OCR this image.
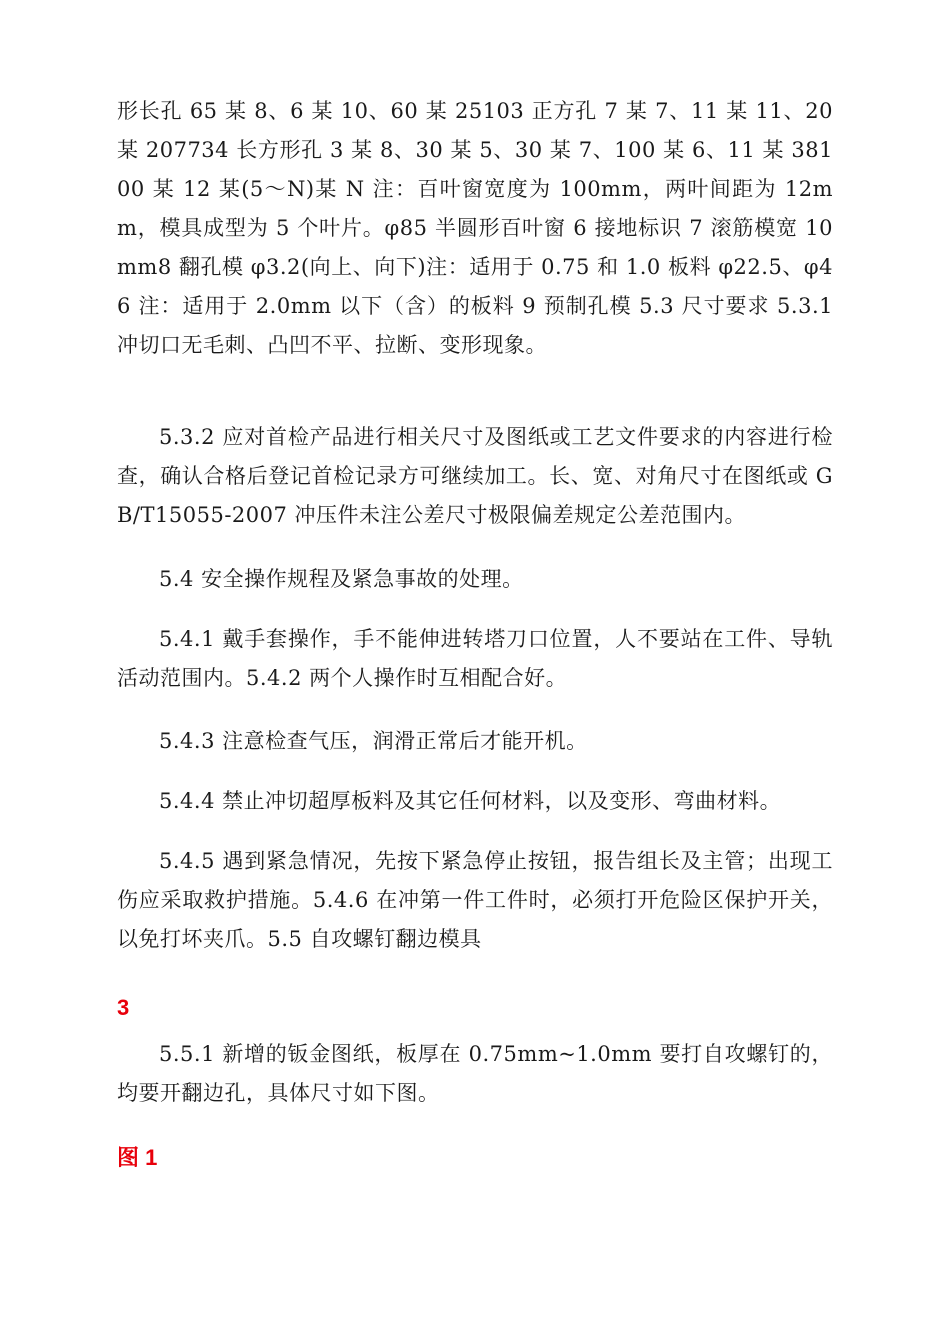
形长孔 65 某 8、6 某 10、60 某 25103 正方孔 7 某 7、11 某 11、20 某 207734 长方形孔 3 某 8、30 某 5、30 某 7、100 某 6、11 某 38100 某 12 某(5～N)某 N 注：百叶窗宽度为 100mm，两叶间距为 12mm，模具成型为 5 个叶片。φ85 半圆形百叶窗 6 接地标识 7 滚筋模宽 10mm8 翻孔模 φ3.2(向上、向下)注：适用于 0.75 和 1.0 板料 φ22.5、φ46 注：适用于 2.0mm 以下（含）的板料 9 预制孔模 5.3 尺寸要求 5.3.1 冲切口无毛刺、凸凹不平、拉断、变形现象。

5.3.2 应对首检产品进行相关尺寸及图纸或工艺文件要求的内容进行检查，确认合格后登记首检记录方可继续加工。长、宽、对角尺寸在图纸或 GB/T15055-2007 冲压件未注公差尺寸极限偏差规定公差范围内。

5.4 安全操作规程及紧急事故的处理。

5.4.1 戴手套操作，手不能伸进转塔刀口位置，人不要站在工件、导轨活动范围内。5.4.2 两个人操作时互相配合好。

5.4.3 注意检查气压，润滑正常后才能开机。

5.4.4 禁止冲切超厚板料及其它任何材料，以及变形、弯曲材料。

5.4.5 遇到紧急情况，先按下紧急停止按钮，报告组长及主管；出现工伤应采取救护措施。5.4.6 在冲第一件工件时，必须打开危险区保护开关，以免打坏夹爪。5.5 自攻螺钉翻边模具

3

5.5.1 新增的钣金图纸，板厚在 0.75mm~1.0mm 要打自攻螺钉的，均要开翻边孔，具体尺寸如下图。

图 1
